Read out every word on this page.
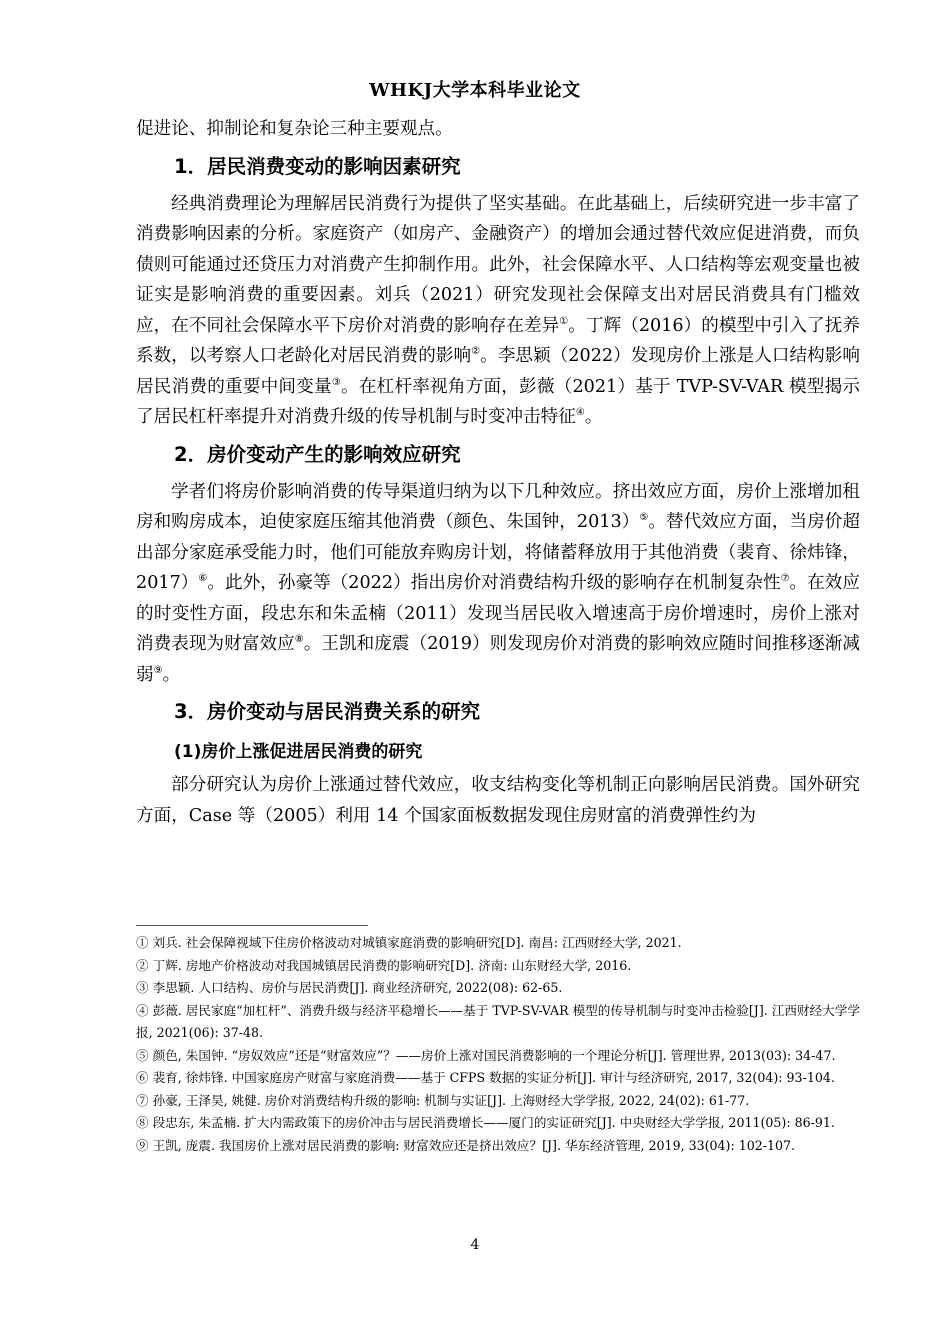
WHKJ大学本科毕业论文

促进论、抑制论和复杂论三种主要观点。

1．居民消费变动的影响因素研究

经典消费理论为理解居民消费行为提供了坚实基础。在此基础上，后续研究进一步丰富了消费影响因素的分析。家庭资产（如房产、金融资产）的增加会通过替代效应促进消费，而负债则可能通过还贷压力对消费产生抑制作用。此外，社会保障水平、人口结构等宏观变量也被证实是影响消费的重要因素。刘兵（2021）研究发现社会保障支出对居民消费具有门槛效应，在不同社会保障水平下房价对消费的影响存在差异①。丁辉（2016）的模型中引入了抚养系数，以考察人口老龄化对居民消费的影响②。李思颖（2022）发现房价上涨是人口结构影响居民消费的重要中间变量③。在杠杆率视角方面，彭薇（2021）基于 TVP-SV-VAR 模型揭示了居民杠杆率提升对消费升级的传导机制与时变冲击特征④。

2．房价变动产生的影响效应研究

学者们将房价影响消费的传导渠道归纳为以下几种效应。挤出效应方面，房价上涨增加租房和购房成本，迫使家庭压缩其他消费（颜色、朱国钟，2013）⑤。替代效应方面，当房价超出部分家庭承受能力时，他们可能放弃购房计划，将储蓄释放用于其他消费（裴育、徐炜锋，2017）⑥。此外，孙豪等（2022）指出房价对消费结构升级的影响存在机制复杂性⑦。在效应的时变性方面，段忠东和朱孟楠（2011）发现当居民收入增速高于房价增速时，房价上涨对消费表现为财富效应⑧。王凯和庞震（2019）则发现房价对消费的影响效应随时间推移逐渐减弱⑨。

3．房价变动与居民消费关系的研究
(1)房价上涨促进居民消费的研究

部分研究认为房价上涨通过替代效应，收支结构变化等机制正向影响居民消费。国外研究方面，Case 等（2005）利用 14 个国家面板数据发现住房财富的消费弹性约为

① 刘兵. 社会保障视域下住房价格波动对城镇家庭消费的影响研究[D]. 南昌: 江西财经大学, 2021.
② 丁辉. 房地产价格波动对我国城镇居民消费的影响研究[D]. 济南: 山东财经大学, 2016.
③ 李思颖. 人口结构、房价与居民消费[J]. 商业经济研究, 2022(08): 62-65.
④ 彭薇. 居民家庭“加杠杆”、消费升级与经济平稳增长——基于 TVP-SV-VAR 模型的传导机制与时变冲击检验[J]. 江西财经大学学报, 2021(06): 37-48.
⑤ 颜色, 朱国钟. “房奴效应”还是“财富效应”？——房价上涨对国民消费影响的一个理论分析[J]. 管理世界, 2013(03): 34-47.
⑥ 裴育, 徐炜锋. 中国家庭房产财富与家庭消费——基于 CFPS 数据的实证分析[J]. 审计与经济研究, 2017, 32(04): 93-104.
⑦ 孙豪, 王泽昊, 姚健. 房价对消费结构升级的影响: 机制与实证[J]. 上海财经大学学报, 2022, 24(02): 61-77.
⑧ 段忠东, 朱孟楠. 扩大内需政策下的房价冲击与居民消费增长——厦门的实证研究[J]. 中央财经大学学报, 2011(05): 86-91.
⑨ 王凯, 庞震. 我国房价上涨对居民消费的影响: 财富效应还是挤出效应？[J]. 华东经济管理, 2019, 33(04): 102-107.
4
